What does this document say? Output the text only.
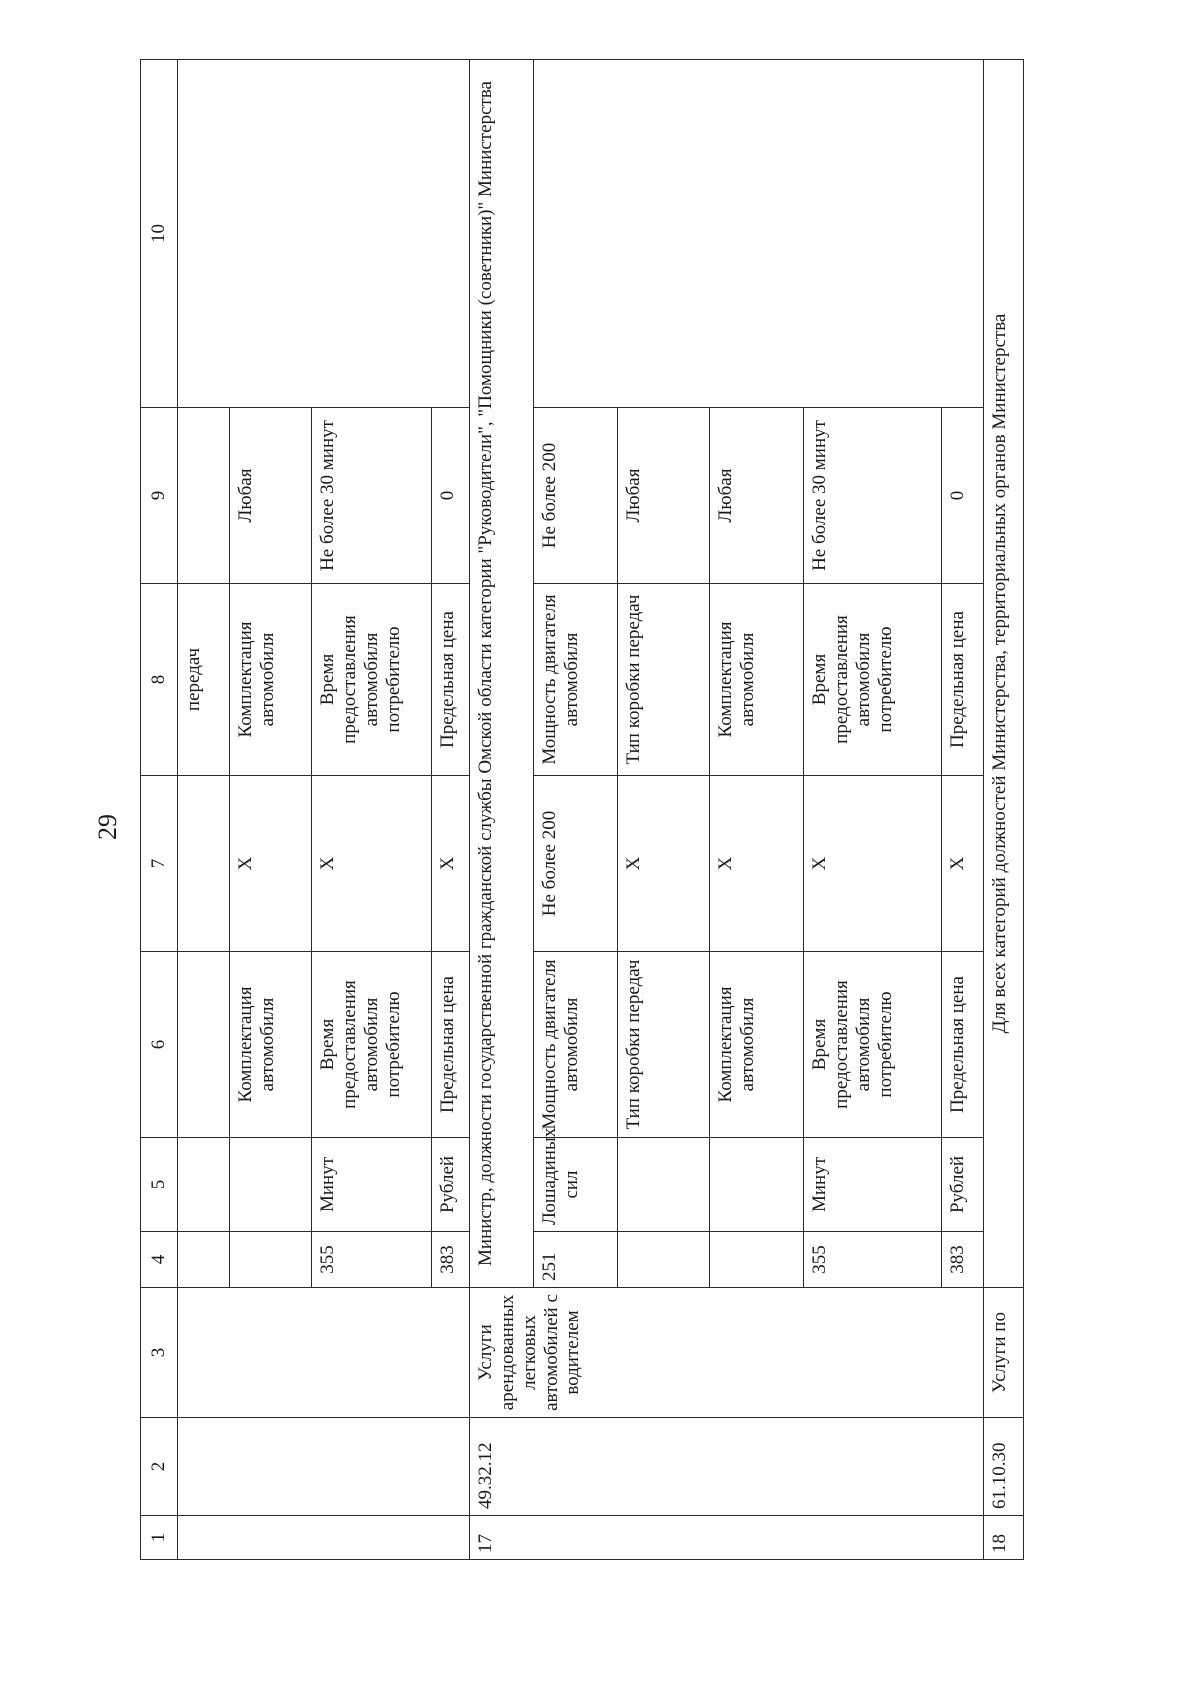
29
1	2	3	4	5	6	7	8	9	10
							передач		
					Комплектация автомобиля	Х	Комплектация автомобиля	Любая	
			355	Минут	Время предоставления автомобиля потребителю	Х	Время предоставления автомобиля потребителю	Не более 30 минут	
			383	Рублей	Предельная цена	Х	Предельная цена	0	
17	49.32.12	Услуги арендованных легковых автомобилей с водителем	Министр, должности государственной гражданской службы Омской области категории "Руководители", "Помощники (советники)" Министерства						
			251	Лошадиных сил	Мощность двигателя автомобиля	Не более 200	Мощность двигателя автомобиля	Не более 200	
					Тип коробки передач	Х	Тип коробки передач	Любая	
					Комплектация автомобиля	Х	Комплектация автомобиля	Любая	
			355	Минут	Время предоставления автомобиля потребителю	Х	Время предоставления автомобиля потребителю	Не более 30 минут	
			383	Рублей	Предельная цена	Х	Предельная цена	0	
18	61.10.30	Услуги по	Для всех категорий должностей Министерства, территориальных органов Министерства						
